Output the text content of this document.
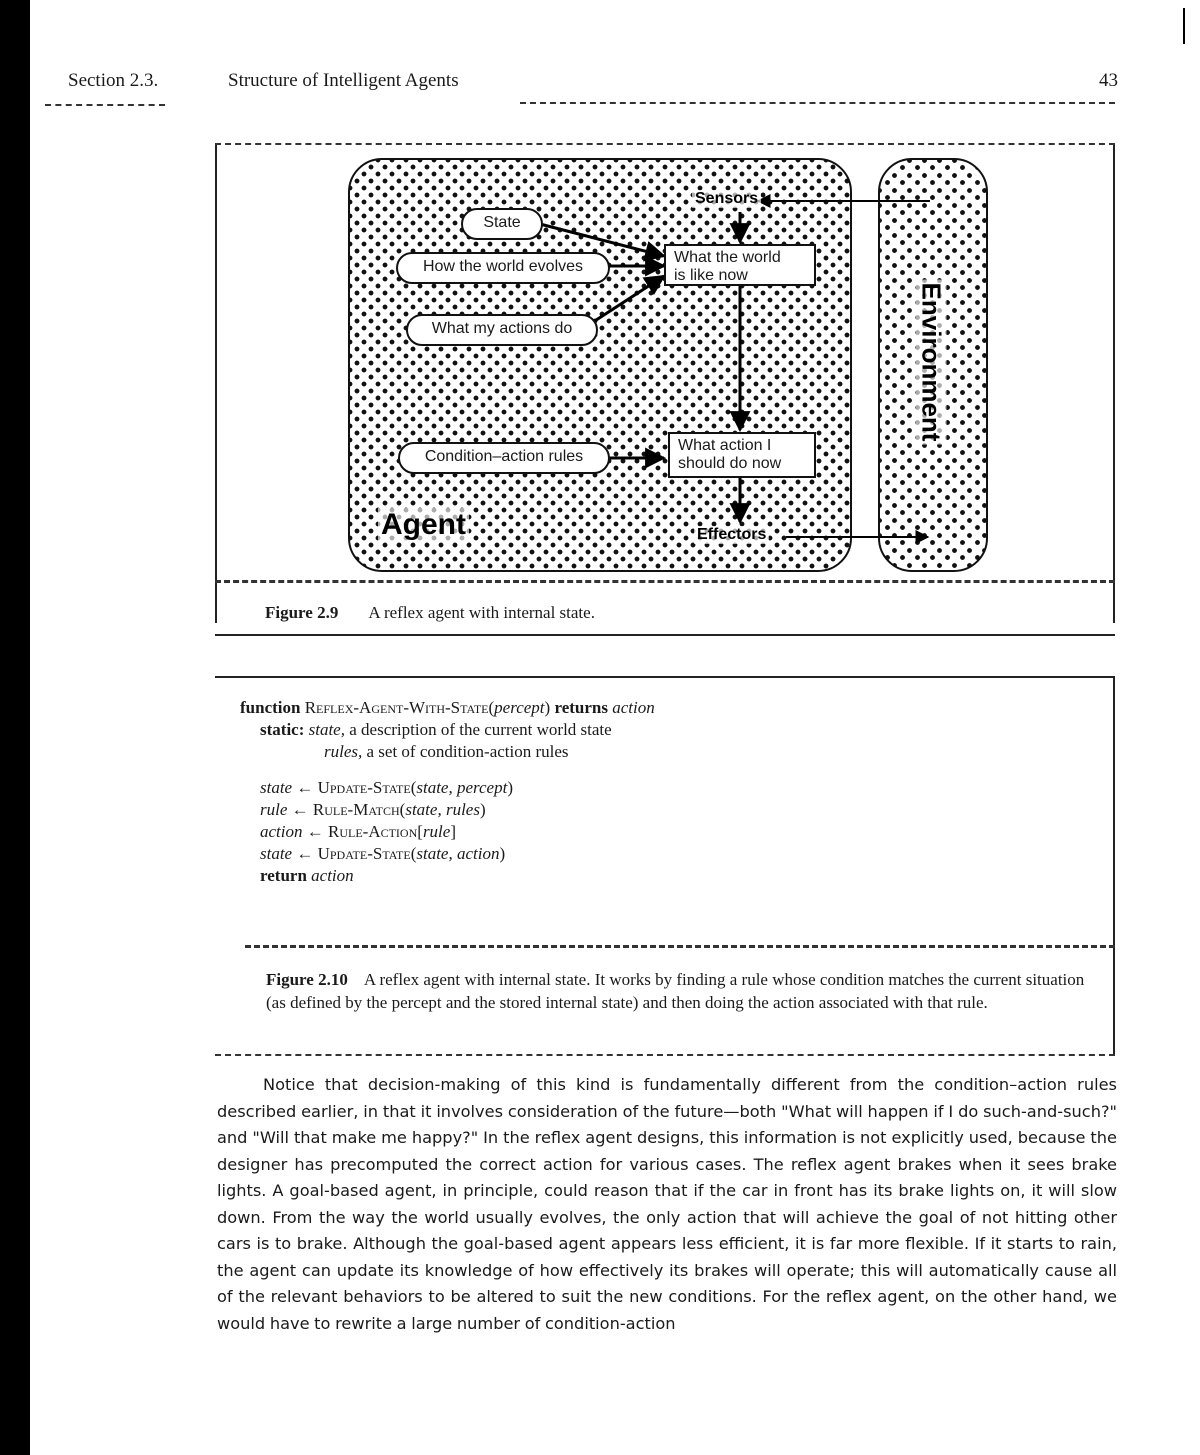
Section 2.3.	Structure of Intelligent Agents	43
State
How the world evolves
What my actions do
Condition–action rules
What the world
is like now
What action I
should do now
Agent
Sensors
Effectors
Environment
Figure 2.9 A reflex agent with internal state.
function Reflex-Agent-With-State(percept) returns action
static: state, a description of the current world state
rules, a set of condition-action rules
state ← Update-State(state, percept)
rule ← Rule-Match(state, rules)
action ← Rule-Action[rule]
state ← Update-State(state, action)
return action
Figure 2.10 A reflex agent with internal state. It works by finding a rule whose condition matches the current situation (as defined by the percept and the stored internal state) and then doing the action associated with that rule.
Notice that decision-making of this kind is fundamentally different from the condition–action rules described earlier, in that it involves consideration of the future—both "What will happen if I do such-and-such?" and "Will that make me happy?" In the reflex agent designs, this information is not explicitly used, because the designer has precomputed the correct action for various cases. The reflex agent brakes when it sees brake lights. A goal-based agent, in principle, could reason that if the car in front has its brake lights on, it will slow down. From the way the world usually evolves, the only action that will achieve the goal of not hitting other cars is to brake. Although the goal-based agent appears less efficient, it is far more flexible. If it starts to rain, the agent can update its knowledge of how effectively its brakes will operate; this will automatically cause all of the relevant behaviors to be altered to suit the new conditions. For the reflex agent, on the other hand, we would have to rewrite a large number of condition-action
